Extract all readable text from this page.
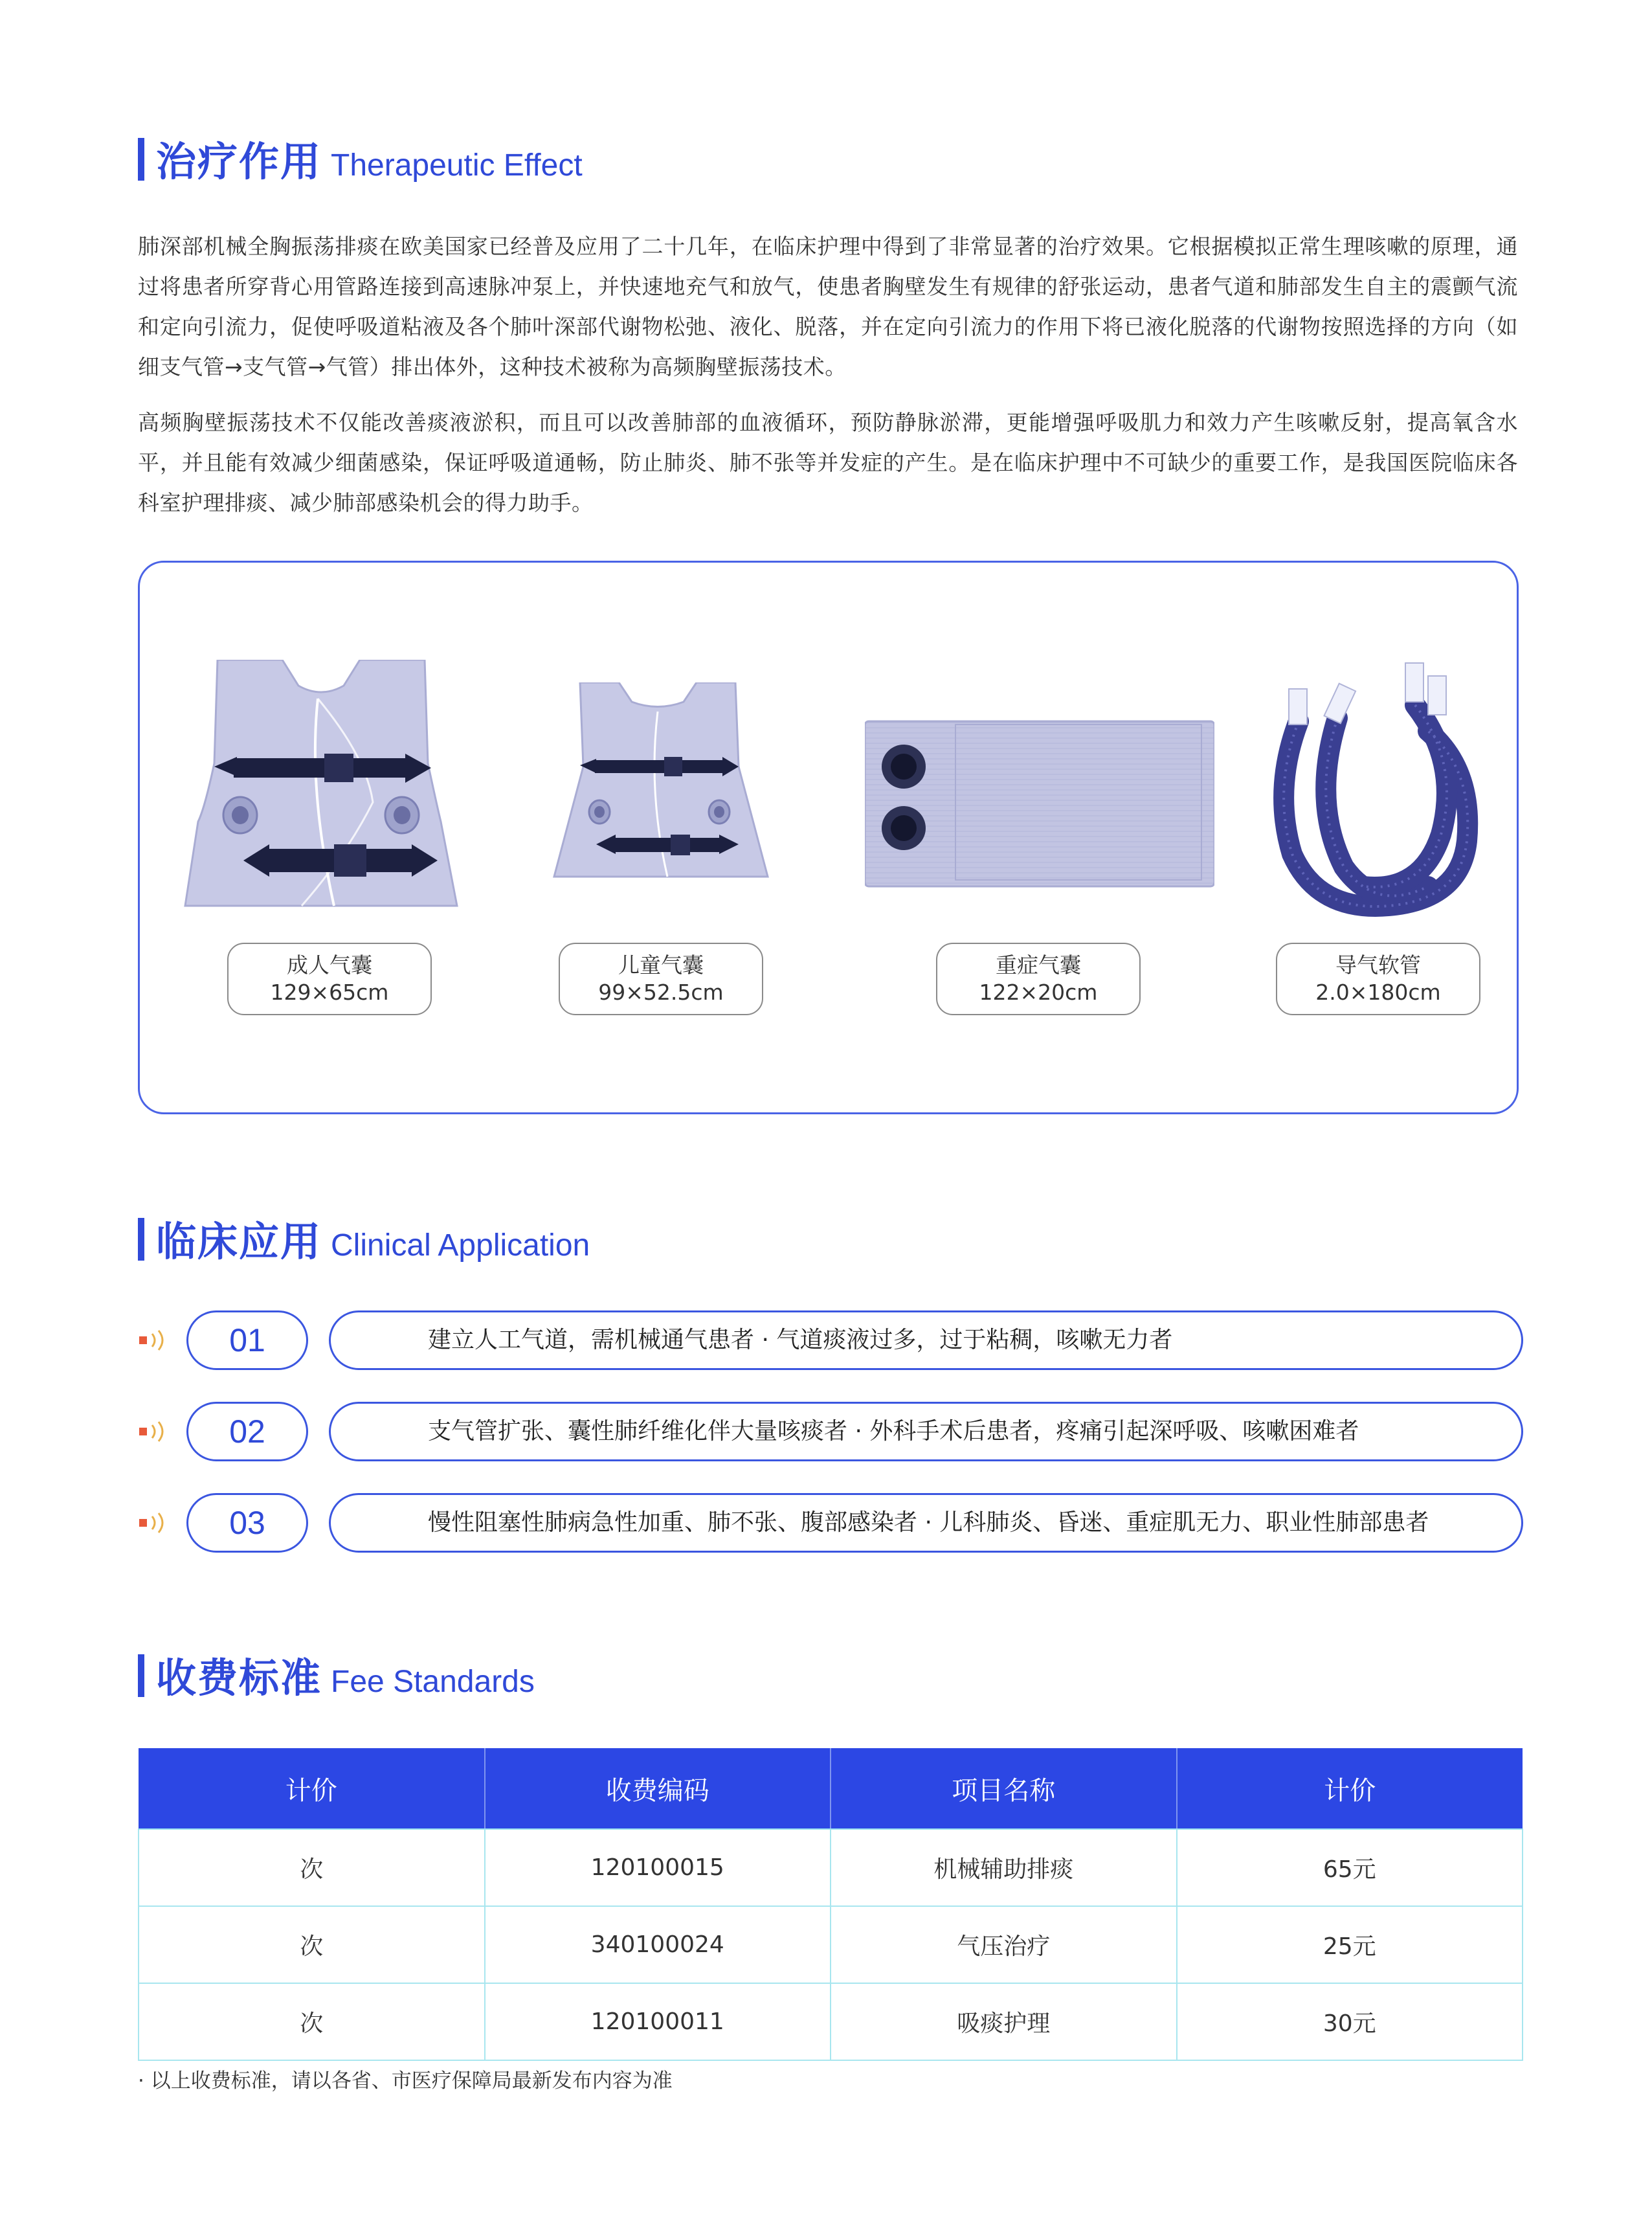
治疗作用 Therapeutic Effect
肺深部机械全胸振荡排痰在欧美国家已经普及应用了二十几年，在临床护理中得到了非常显著的治疗效果。它根据模拟正常生理咳嗽的原理，通过将患者所穿背心用管路连接到高速脉冲泵上，并快速地充气和放气，使患者胸壁发生有规律的舒张运动，患者气道和肺部发生自主的震颤气流和定向引流力，促使呼吸道粘液及各个肺叶深部代谢物松弛、液化、脱落，并在定向引流力的作用下将已液化脱落的代谢物按照选择的方向（如细支气管→支气管→气管）排出体外，这种技术被称为高频胸壁振荡技术。
高频胸壁振荡技术不仅能改善痰液淤积，而且可以改善肺部的血液循环，预防静脉淤滞，更能增强呼吸肌力和效力产生咳嗽反射，提高氧含水平，并且能有效减少细菌感染，保证呼吸道通畅，防止肺炎、肺不张等并发症的产生。是在临床护理中不可缺少的重要工作，是我国医院临床各科室护理排痰、减少肺部感染机会的得力助手。
成人气囊
129×65cm
儿童气囊
99×52.5cm
重症气囊
122×20cm
导气软管
2.0×180cm
临床应用 Clinical Application
01	建立人工气道，需机械通气患者 · 气道痰液过多，过于粘稠，咳嗽无力者
02	支气管扩张、囊性肺纤维化伴大量咳痰者 · 外科手术后患者，疼痛引起深呼吸、咳嗽困难者
03	慢性阻塞性肺病急性加重、肺不张、腹部感染者 · 儿科肺炎、昏迷、重症肌无力、职业性肺部患者
收费标准 Fee Standards
计价	收费编码	项目名称	计价
次	120100015	机械辅助排痰	65元
次	340100024	气压治疗	25元
次	120100011	吸痰护理	30元
· 以上收费标准，请以各省、市医疗保障局最新发布内容为准
